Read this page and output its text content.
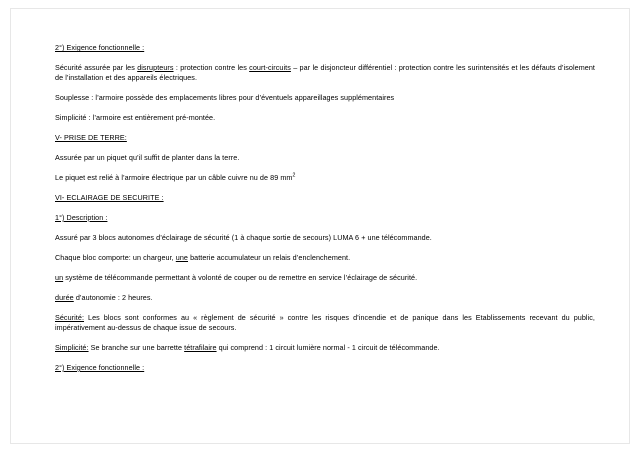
2°) Exigence fonctionnelle :

Sécurité assurée par les disrupteurs : protection contre les court-circuits – par le disjoncteur différentiel : protection contre les surintensités et les défauts d’isolement de l’installation et des appareils électriques.

Souplesse : l’armoire possède des emplacements libres pour d’éventuels appareillages supplémentaires

Simplicité : l’armoire est entièrement pré-montée.

V- PRISE DE TERRE:

Assurée par un piquet qu’il suffit de planter dans la terre.

Le piquet est relié à l’armoire électrique par un câble cuivre nu de 89 $mm^2$

VI- ECLAIRAGE DE SECURITE :

1°) Description :

Assuré par 3 blocs autonomes d’éclairage de sécurité (1 à chaque sortie de secours) LUMA 6 + une télécommande.

Chaque bloc comporte: un chargeur, une batterie accumulateur un relais d’enclenchement.

un système de télécommande permettant à volonté de couper ou de remettre en service l’éclairage de sécurité.

durée d’autonomie : 2 heures.

Sécurité: Les blocs sont conformes au « règlement de sécurité » contre les risques d’incendie et de panique dans les Etablissements recevant du public, impérativement au-dessus de chaque issue de secours.

Simplicité: Se branche sur une barrette tétrafilaire qui comprend : 1 circuit lumière normal - 1 circuit de télécommande.

2°) Exigence fonctionnelle :
